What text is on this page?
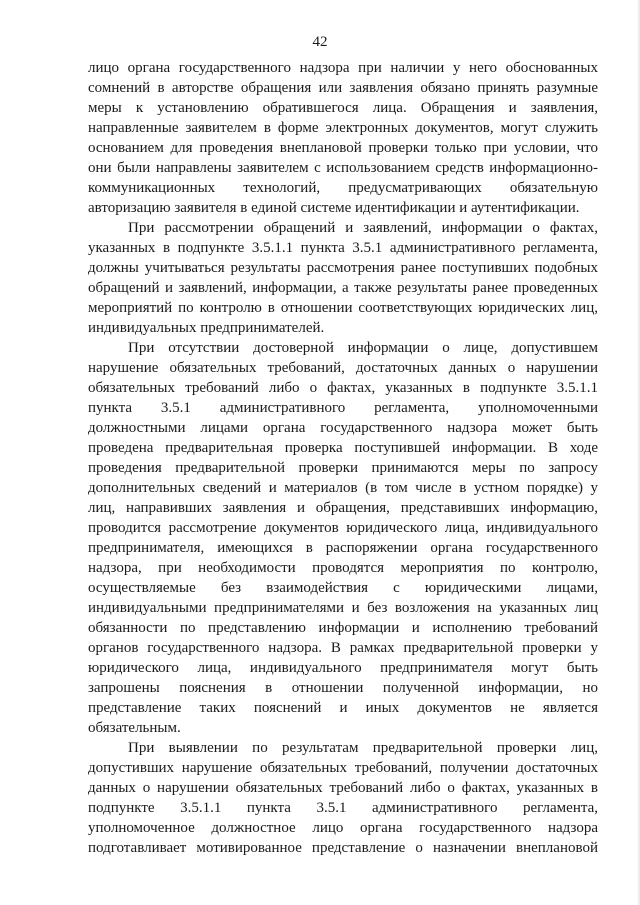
42

лицо органа государственного надзора при наличии у него обоснованных
сомнений в авторстве обращения или заявления обязано принять разумные
меры к установлению обратившегося лица. Обращения и заявления,
направленные заявителем в форме электронных документов, могут служить
основанием для проведения внеплановой проверки только при условии, что
они были направлены заявителем с использованием средств информационно-
коммуникационных технологий, предусматривающих обязательную
авторизацию заявителя в единой системе идентификации и аутентификации.

При рассмотрении обращений и заявлений, информации о фактах,
указанных в подпункте 3.5.1.1 пункта 3.5.1 административного регламента,
должны учитываться результаты рассмотрения ранее поступивших подобных
обращений и заявлений, информации, а также результаты ранее проведенных
мероприятий по контролю в отношении соответствующих юридических лиц,
индивидуальных предпринимателей.

При отсутствии достоверной информации о лице, допустившем
нарушение обязательных требований, достаточных данных о нарушении
обязательных требований либо о фактах, указанных в подпункте 3.5.1.1
пункта 3.5.1 административного регламента, уполномоченными
должностными лицами органа государственного надзора может быть
проведена предварительная проверка поступившей информации. В ходе
проведения предварительной проверки принимаются меры по запросу
дополнительных сведений и материалов (в том числе в устном порядке) у
лиц, направивших заявления и обращения, представивших информацию,
проводится рассмотрение документов юридического лица, индивидуального
предпринимателя, имеющихся в распоряжении органа государственного
надзора, при необходимости проводятся мероприятия по контролю,
осуществляемые без взаимодействия с юридическими лицами,
индивидуальными предпринимателями и без возложения на указанных лиц
обязанности по представлению информации и исполнению требований
органов государственного надзора. В рамках предварительной проверки у
юридического лица, индивидуального предпринимателя могут быть
запрошены пояснения в отношении полученной информации, но
представление таких пояснений и иных документов не является
обязательным.

При выявлении по результатам предварительной проверки лиц,
допустивших нарушение обязательных требований, получении достаточных
данных о нарушении обязательных требований либо о фактах, указанных в
подпункте 3.5.1.1 пункта 3.5.1 административного регламента,
уполномоченное должностное лицо органа государственного надзора
подготавливает мотивированное представление о назначении внеплановой
